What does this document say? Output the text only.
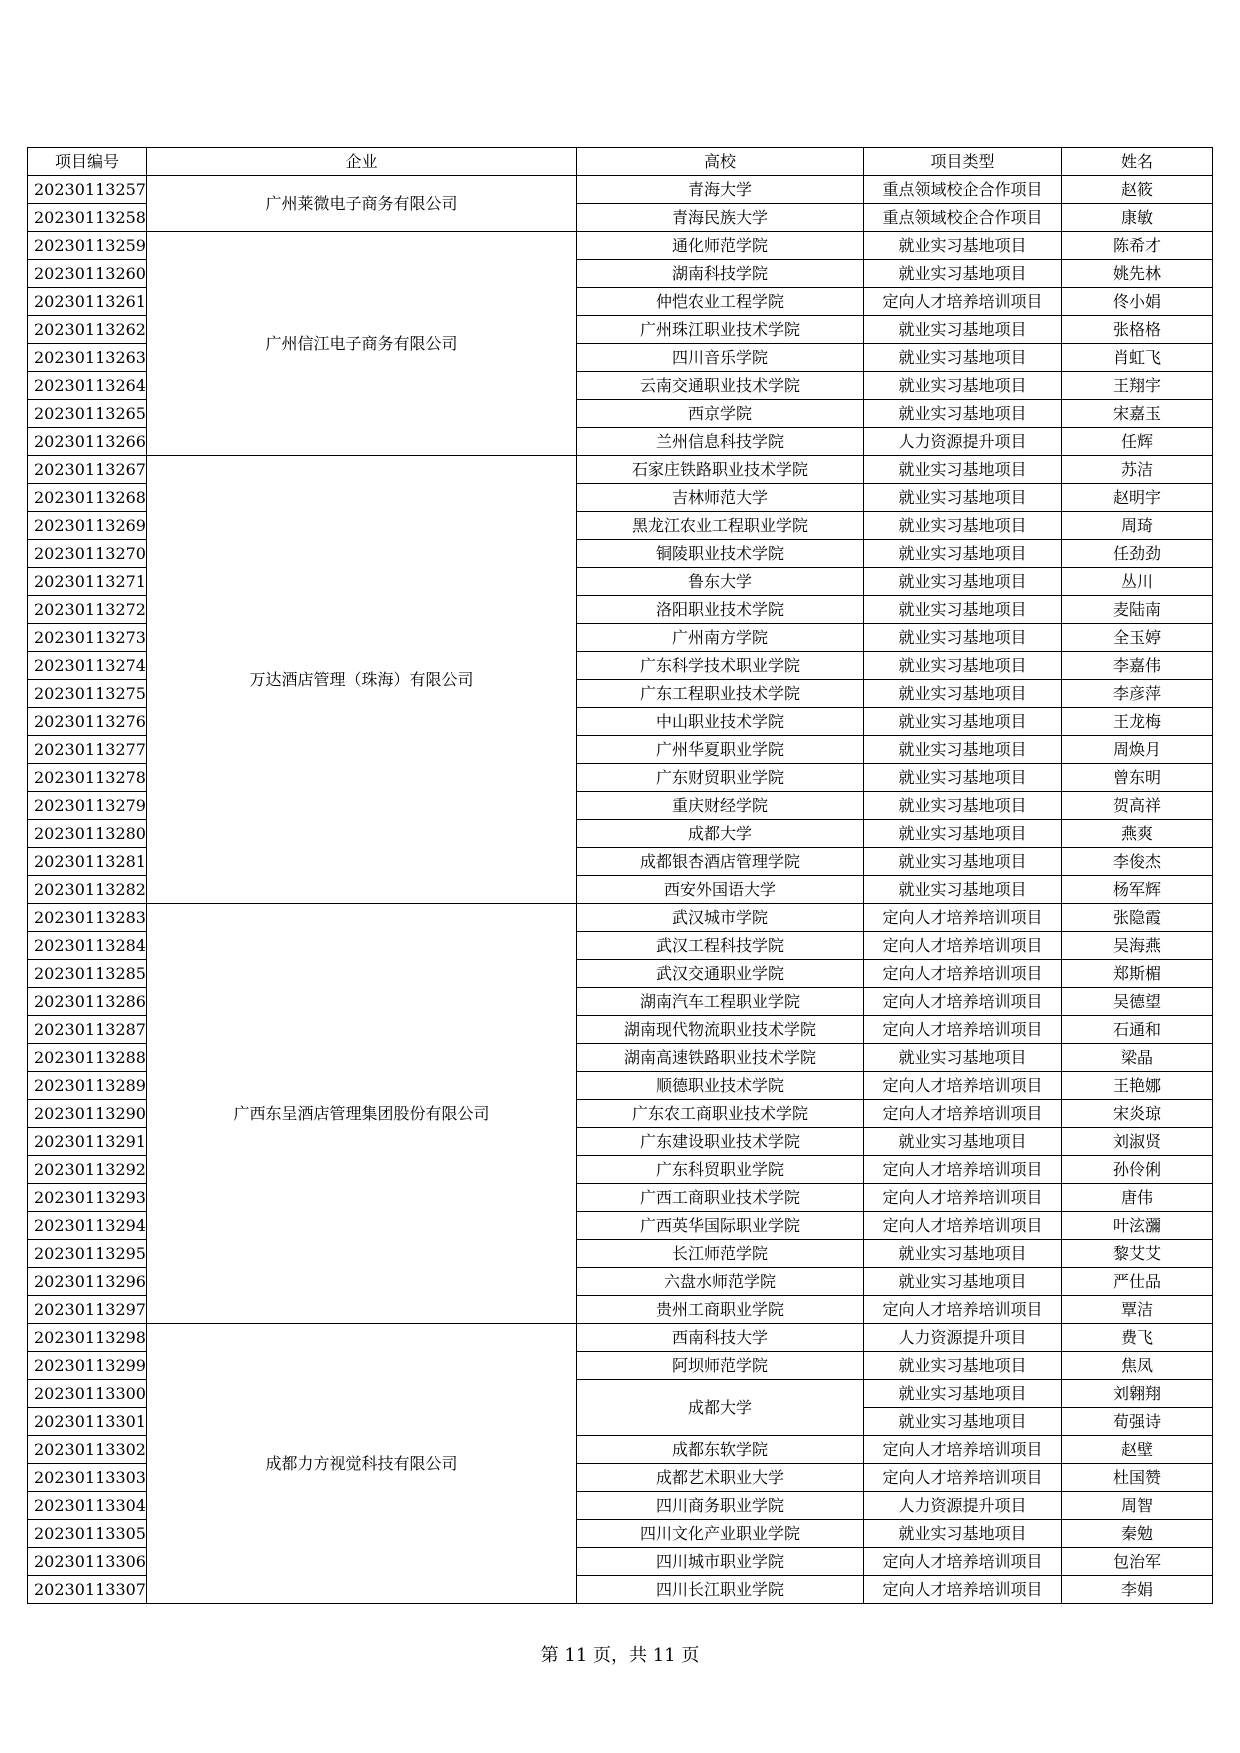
项目编号	企业	高校	项目类型	姓名
20230113257	广州莱微电子商务有限公司	青海大学	重点领域校企合作项目	赵筱
20230113258		青海民族大学	重点领域校企合作项目	康敏
20230113259	广州信江电子商务有限公司	通化师范学院	就业实习基地项目	陈希才
20230113260		湖南科技学院	就业实习基地项目	姚先林
20230113261		仲恺农业工程学院	定向人才培养培训项目	佟小娟
20230113262		广州珠江职业技术学院	就业实习基地项目	张格格
20230113263		四川音乐学院	就业实习基地项目	肖虹飞
20230113264		云南交通职业技术学院	就业实习基地项目	王翔宇
20230113265		西京学院	就业实习基地项目	宋嘉玉
20230113266		兰州信息科技学院	人力资源提升项目	任辉
20230113267	万达酒店管理（珠海）有限公司	石家庄铁路职业技术学院	就业实习基地项目	苏洁
20230113268		吉林师范大学	就业实习基地项目	赵明宇
20230113269		黑龙江农业工程职业学院	就业实习基地项目	周琦
20230113270		铜陵职业技术学院	就业实习基地项目	任劲劲
20230113271		鲁东大学	就业实习基地项目	丛川
20230113272		洛阳职业技术学院	就业实习基地项目	麦陆南
20230113273		广州南方学院	就业实习基地项目	全玉婷
20230113274		广东科学技术职业学院	就业实习基地项目	李嘉伟
20230113275		广东工程职业技术学院	就业实习基地项目	李彦萍
20230113276		中山职业技术学院	就业实习基地项目	王龙梅
20230113277		广州华夏职业学院	就业实习基地项目	周焕月
20230113278		广东财贸职业学院	就业实习基地项目	曾东明
20230113279		重庆财经学院	就业实习基地项目	贺高祥
20230113280		成都大学	就业实习基地项目	燕爽
20230113281		成都银杏酒店管理学院	就业实习基地项目	李俊杰
20230113282		西安外国语大学	就业实习基地项目	杨军辉
20230113283	广西东呈酒店管理集团股份有限公司	武汉城市学院	定向人才培养培训项目	张隐霞
20230113284		武汉工程科技学院	定向人才培养培训项目	吴海燕
20230113285		武汉交通职业学院	定向人才培养培训项目	郑斯楣
20230113286		湖南汽车工程职业学院	定向人才培养培训项目	吴德望
20230113287		湖南现代物流职业技术学院	定向人才培养培训项目	石通和
20230113288		湖南高速铁路职业技术学院	就业实习基地项目	梁晶
20230113289		顺德职业技术学院	定向人才培养培训项目	王艳娜
20230113290		广东农工商职业技术学院	定向人才培养培训项目	宋炎琼
20230113291		广东建设职业技术学院	就业实习基地项目	刘淑贤
20230113292		广东科贸职业学院	定向人才培养培训项目	孙伶俐
20230113293		广西工商职业技术学院	定向人才培养培训项目	唐伟
20230113294		广西英华国际职业学院	定向人才培养培训项目	叶泫瀰
20230113295		长江师范学院	就业实习基地项目	黎艾艾
20230113296		六盘水师范学院	就业实习基地项目	严仕品
20230113297		贵州工商职业学院	定向人才培养培训项目	覃洁
20230113298	成都力方视觉科技有限公司	西南科技大学	人力资源提升项目	费飞
20230113299		阿坝师范学院	就业实习基地项目	焦凤
20230113300		成都大学	就业实习基地项目	刘翱翔
20230113301			就业实习基地项目	荀强诗
20230113302		成都东软学院	定向人才培养培训项目	赵壁
20230113303		成都艺术职业大学	定向人才培养培训项目	杜国赞
20230113304		四川商务职业学院	人力资源提升项目	周智
20230113305		四川文化产业职业学院	就业实习基地项目	秦勉
20230113306		四川城市职业学院	定向人才培养培训项目	包治军
20230113307		四川长江职业学院	定向人才培养培训项目	李娟
第 11 页，共 11 页
